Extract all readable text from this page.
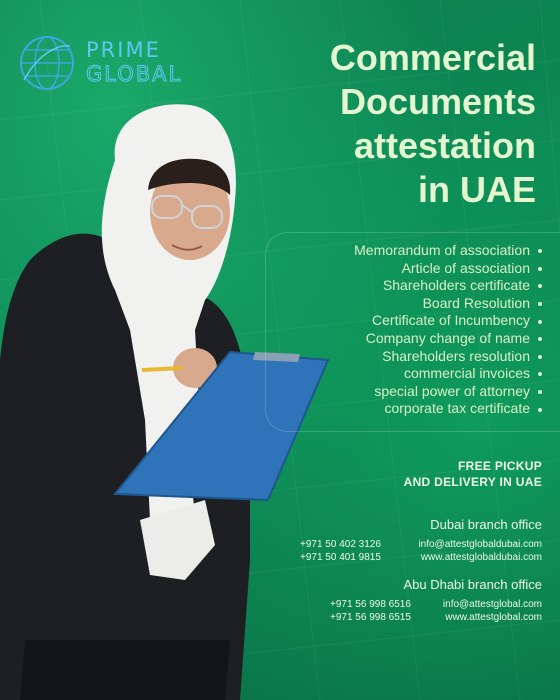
PRIME
GLOBAL	Commercial
Documents
attestation
in UAE
Memorandum of association
Article of association
Shareholders certificate
Board Resolution
Certificate of Incumbency
Company change of name
Shareholders resolution
commercial invoices
special power of attorney
corporate tax certificate
FREE PICKUP
AND DELIVERY IN UAE
Dubai branch office
+971 50 402 3126
+971 50 401 9815
info@attestglobaldubai.com
www.attestglobaldubai.com
Abu Dhabi branch office
+971 56 998 6516
+971 56 998 6515
info@attestglobal.com
www.attestglobal.com
